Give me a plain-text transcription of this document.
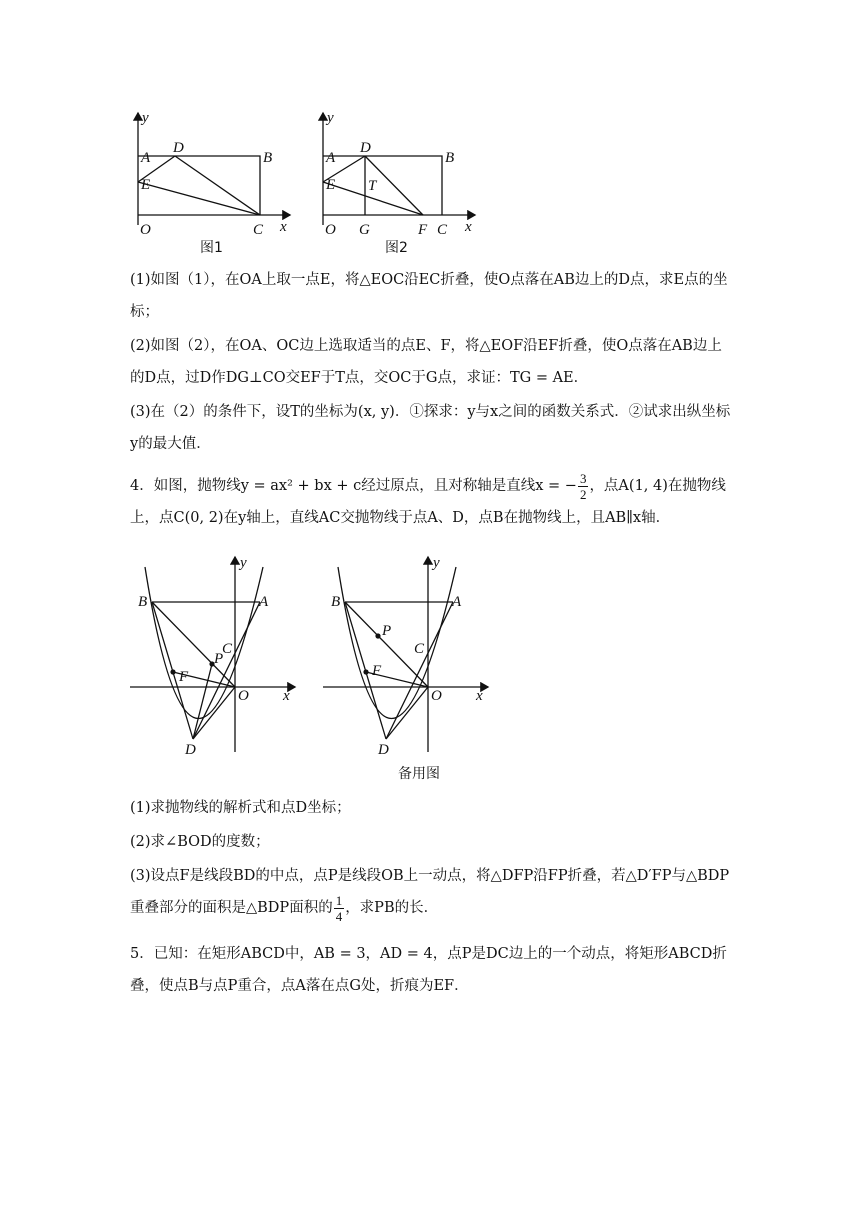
y
x
O
A	B
C
D
E
图1
y
x
O
A	B
C
D
E T
G	F
图2
(1)如图（1），在OA上取一点E，将△EOC沿EC折叠，使O点落在AB边上的D点，求E点的坐标；
(2)如图（2），在OA、OC边上选取适当的点E、F，将△EOF沿EF折叠，使O点落在AB边上的D点，过D作DG⊥CO交EF于T点，交OC于G点，求证：TG = AE．
(3)在（2）的条件下，设T的坐标为(x, y)．①探求：y与x之间的函数关系式．②试求出纵坐标y的最大值．
4．如图，抛物线y = ax² + bx + c经过原点，且对称轴是直线x = − $\frac{3}{2}$ ，点A(1, 4)在抛物线上，点C(0, 2)在y轴上，直线AC交抛物线于点A、D，点B在抛物线上，且AB∥x轴．
y
x
B	A
C
P
F
O
D
y
x
B	A
C
P
F
O
D
备用图
(1)求抛物线的解析式和点D坐标；
(2)求∠BOD的度数；
(3)设点F是线段BD的中点，点P是线段OB上一动点，将△DFP沿FP折叠，若△D′FP与△BDP重叠部分的面积是△BDP面积的 $\frac{1}{4}$ ，求PB的长．
5．已知：在矩形ABCD中，AB = 3，AD = 4，点P是DC边上的一个动点，将矩形ABCD折叠，使点B与点P重合，点A落在点G处，折痕为EF．
